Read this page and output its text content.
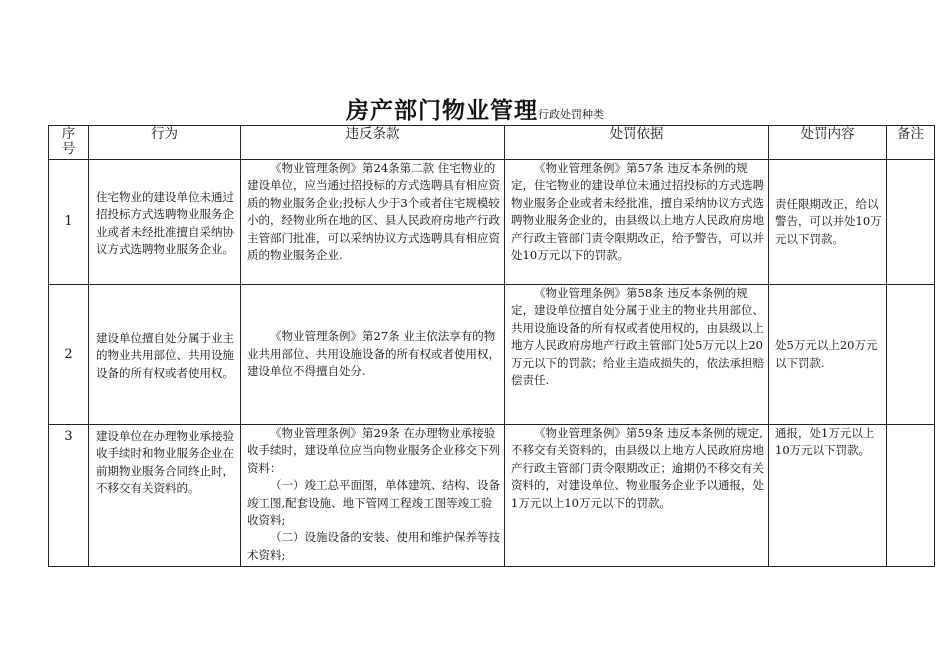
房产部门物业管理行政处罚种类
序号	行为	违反条款	处罚依据	处罚内容	备注
1	住宅物业的建设单位未通过招投标方式选聘物业服务企业或者未经批准擅自采纳协议方式选聘物业服务企业。	《物业管理条例》第24条第二款 住宅物业的建设单位，应当通过招投标的方式选聘具有相应资质的物业服务企业;投标人少于3个或者住宅规模较小的，经物业所在地的区、县人民政府房地产行政主管部门批准，可以采纳协议方式选聘具有相应资质的物业服务企业.	《物业管理条例》第57条 违反本条例的规定，住宅物业的建设单位未通过招投标的方式选聘物业服务企业或者未经批准，擅自采纳协议方式选聘物业服务企业的，由县级以上地方人民政府房地产行政主管部门责令限期改正，给予警告，可以并处10万元以下的罚款。	责任限期改正，给以警告，可以并处10万元以下罚款。	

2	建设单位擅自处分属于业主的物业共用部位、共用设施设备的所有权或者使用权。	《物业管理条例》第27条 业主依法享有的物业共用部位、共用设施设备的所有权或者使用权，建设单位不得擅自处分.	《物业管理条例》第58条 违反本条例的规定，建设单位擅自处分属于业主的物业共用部位、共用设施设备的所有权或者使用权的，由县级以上地方人民政府房地产行政主管部门处5万元以上20万元以下的罚款；给业主造成损失的，依法承担赔偿责任.	处5万元以上20万元以下罚款.	

3	建设单位在办理物业承接验收手续时和物业服务企业在前期物业服务合同终止时，不移交有关资料的。	《物业管理条例》第29条 在办理物业承接验收手续时，建设单位应当向物业服务企业移交下列资料：
（一）竣工总平面图，单体建筑、结构、设备竣工图,配套设施、地下管网工程竣工图等竣工验收资料;
（二）设施设备的安装、使用和维护保养等技术资料;	《物业管理条例》第59条 违反本条例的规定,不移交有关资料的，由县级以上地方人民政府房地产行政主管部门责令限期改正；逾期仍不移交有关资料的，对建设单位、物业服务企业予以通报，处1万元以上10万元以下的罚款。	通报，处1万元以上10万元以下罚款。	
